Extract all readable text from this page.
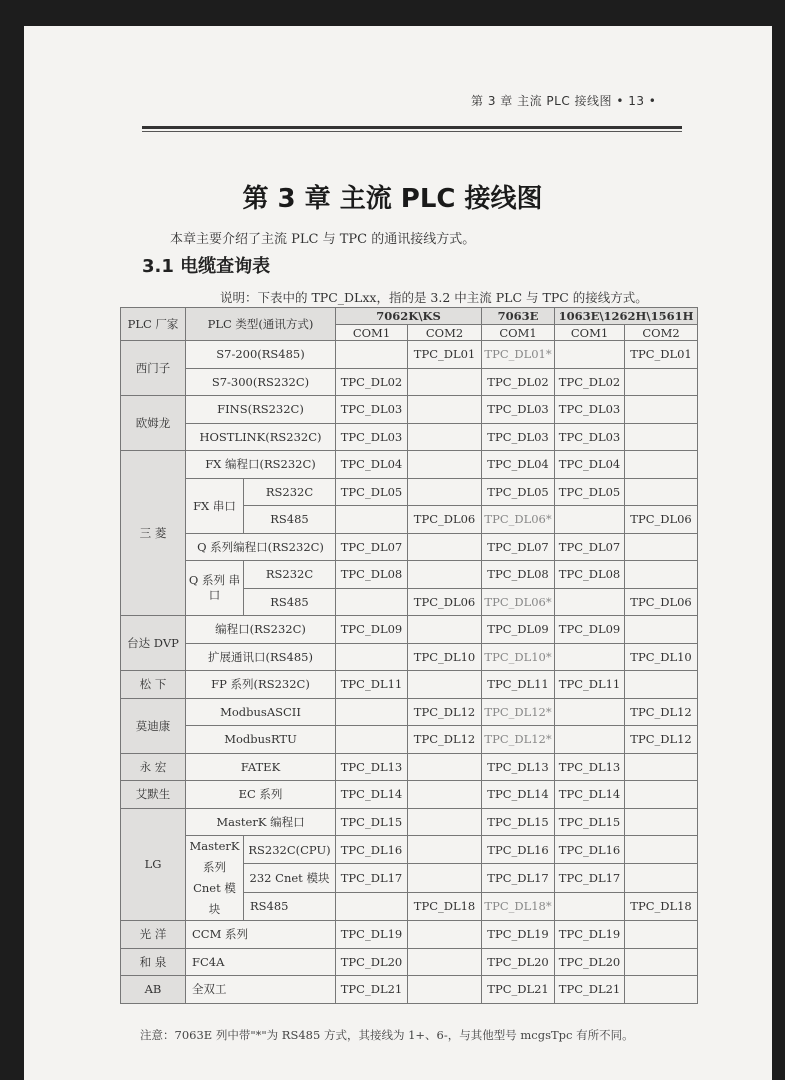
第 3 章 主流 PLC 接线图 • 13 •
第 3 章 主流 PLC 接线图
本章主要介绍了主流 PLC 与 TPC 的通讯接线方式。
3.1 电缆查询表
说明：下表中的 TPC_DLxx，指的是 3.2 中主流 PLC 与 TPC 的接线方式。
PLC 厂家	PLC 类型(通讯方式)		7062K\KS		7063E	1063E\1262H\1561H	
			COM1	COM2	COM1	COM1	COM2
西门子	S7-200(RS485)			TPC_DL01	TPC_DL01*		TPC_DL01
	S7-300(RS232C)		TPC_DL02		TPC_DL02	TPC_DL02	
欧姆龙	FINS(RS232C)		TPC_DL03		TPC_DL03	TPC_DL03	
	HOSTLINK(RS232C)		TPC_DL03		TPC_DL03	TPC_DL03	
三 菱	FX 编程口(RS232C)		TPC_DL04		TPC_DL04	TPC_DL04	
	FX 串口	RS232C	TPC_DL05		TPC_DL05	TPC_DL05	
		RS485		TPC_DL06	TPC_DL06*		TPC_DL06
	Q 系列编程口(RS232C)		TPC_DL07		TPC_DL07	TPC_DL07	
	Q 系列 串口	RS232C	TPC_DL08		TPC_DL08	TPC_DL08	
		RS485		TPC_DL06	TPC_DL06*		TPC_DL06
台达 DVP	编程口(RS232C)		TPC_DL09		TPC_DL09	TPC_DL09	
	扩展通讯口(RS485)			TPC_DL10	TPC_DL10*		TPC_DL10
松 下	FP 系列(RS232C)		TPC_DL11		TPC_DL11	TPC_DL11	
莫迪康	ModbusASCII			TPC_DL12	TPC_DL12*		TPC_DL12
	ModbusRTU			TPC_DL12	TPC_DL12*		TPC_DL12
永 宏	FATEK		TPC_DL13		TPC_DL13	TPC_DL13	
艾默生	EC 系列		TPC_DL14		TPC_DL14	TPC_DL14	
LG	MasterK 编程口		TPC_DL15		TPC_DL15	TPC_DL15	
	MasterK 系列 Cnet 模块	RS232C(CPU)	TPC_DL16		TPC_DL16	TPC_DL16	
		232 Cnet 模块	TPC_DL17		TPC_DL17	TPC_DL17	
		RS485		TPC_DL18	TPC_DL18*		TPC_DL18
光 洋	CCM 系列		TPC_DL19		TPC_DL19	TPC_DL19	
和 泉	FC4A		TPC_DL20		TPC_DL20	TPC_DL20	
AB	全双工		TPC_DL21		TPC_DL21	TPC_DL21	
注意：7063E 列中带"*"为 RS485 方式，其接线为 1+、6-，与其他型号 mcgsTpc 有所不同。
